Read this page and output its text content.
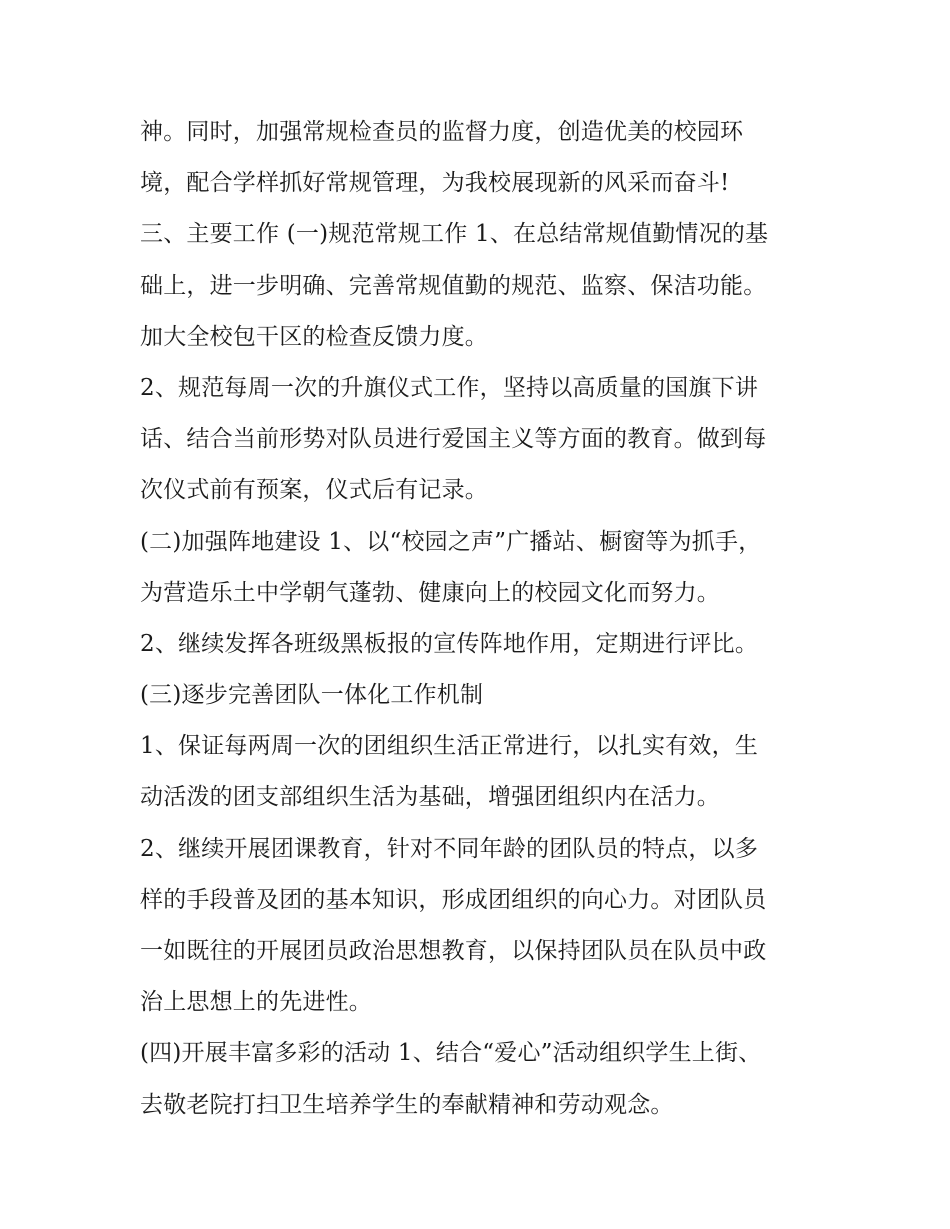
神。同时，加强常规检查员的监督力度，创造优美的校园环
境，配合学样抓好常规管理，为我校展现新的风采而奋斗!
三、主要工作 (一)规范常规工作 1、在总结常规值勤情况的基
础上，进一步明确、完善常规值勤的规范、监察、保洁功能。
加大全校包干区的检查反馈力度。
2、规范每周一次的升旗仪式工作，坚持以高质量的国旗下讲
话、结合当前形势对队员进行爱国主义等方面的教育。做到每
次仪式前有预案，仪式后有记录。
(二)加强阵地建设 1、以“校园之声”广播站、橱窗等为抓手，
为营造乐土中学朝气蓬勃、健康向上的校园文化而努力。
2、继续发挥各班级黑板报的宣传阵地作用，定期进行评比。
(三)逐步完善团队一体化工作机制
1、保证每两周一次的团组织生活正常进行，以扎实有效，生
动活泼的团支部组织生活为基础，增强团组织内在活力。
2、继续开展团课教育，针对不同年龄的团队员的特点，以多
样的手段普及团的基本知识，形成团组织的向心力。对团队员
一如既往的开展团员政治思想教育，以保持团队员在队员中政
治上思想上的先进性。
(四)开展丰富多彩的活动 1、结合“爱心”活动组织学生上街、
去敬老院打扫卫生培养学生的奉献精神和劳动观念。
